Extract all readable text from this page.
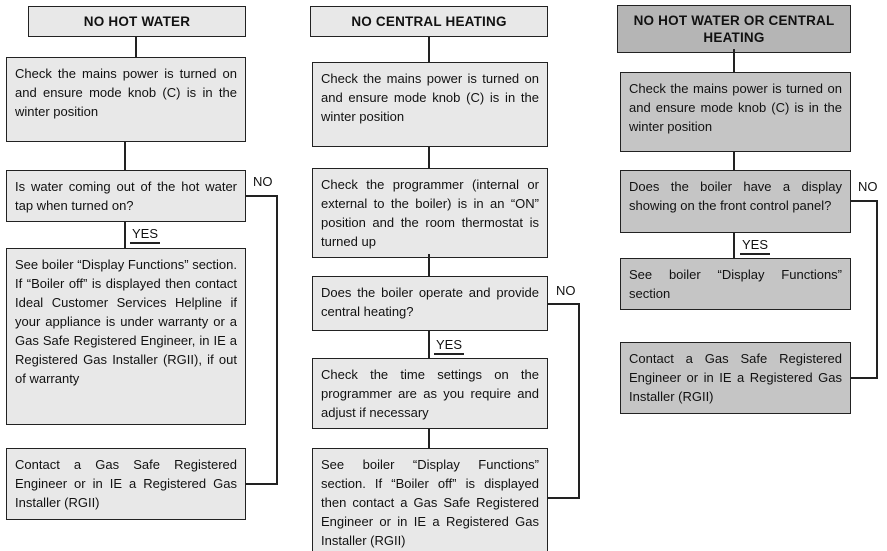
NO HOT WATER
Check the mains power is turned on and ensure mode knob (C) is in the winter position
Is water coming out of the hot water tap when turned on?
See boiler “Display Functions” section. If “Boiler off” is displayed then contact Ideal Customer Services Helpline if your appliance is under warranty or a Gas Safe Registered Engineer, in IE a Registered Gas Installer (RGII), if out of warranty
Contact a Gas Safe Registered Engineer or in IE a Registered Gas Installer (RGII)
YES
NO
NO CENTRAL HEATING
Check the mains power is turned on and ensure mode knob (C) is in the winter position
Check the programmer (internal or external to the boiler) is in an “ON” position and the room thermostat is turned up
Does the boiler operate and provide central heating?
Check the time settings on the programmer are as you require and adjust if necessary
See boiler “Display Functions” section. If “Boiler off” is displayed then contact a Gas Safe Registered Engineer or in IE a Registered Gas Installer (RGII)
YES
NO
NO HOT WATER OR CENTRAL HEATING
Check the mains power is turned on and ensure mode knob (C) is in the winter position
Does the boiler have a display showing on the front control panel?
See boiler “Display Functions” section
Contact a Gas Safe Registered Engineer or in IE a Registered Gas Installer (RGII)
YES
NO
